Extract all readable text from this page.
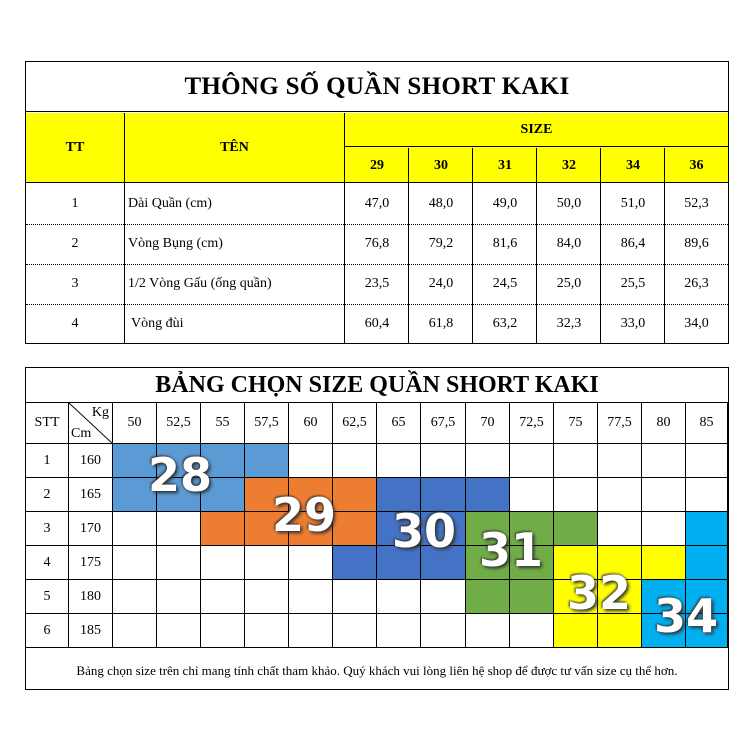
THÔNG SỐ QUẦN SHORT KAKI
TT	TÊN
SIZE
29	30	31	32	34	36
1	Dài Quần (cm)	47,0	48,0	49,0	50,0	51,0	52,3
2	Vòng Bụng (cm)	76,8	79,2	81,6	84,0	86,4	89,6
3	1/2 Vòng Gấu (ống quần)	23,5	24,0	24,5	25,0	25,5	26,3
4	Vòng đùi	60,4	61,8	63,2	32,3	33,0	34,0
BẢNG CHỌN SIZE QUẦN SHORT KAKI
STT	50	52,5	55	57,5	60	62,5	65	67,5	70	72,5	75	77,5	80	85
1	160
2	165
3	170
4	175
5	180
6	185
Kg
Cm
28
29 30 31
32 34
Bảng chọn size trên chỉ mang tính chất tham khảo. Quý khách vui lòng liên hệ shop để được tư vấn size cụ thể hơn.
